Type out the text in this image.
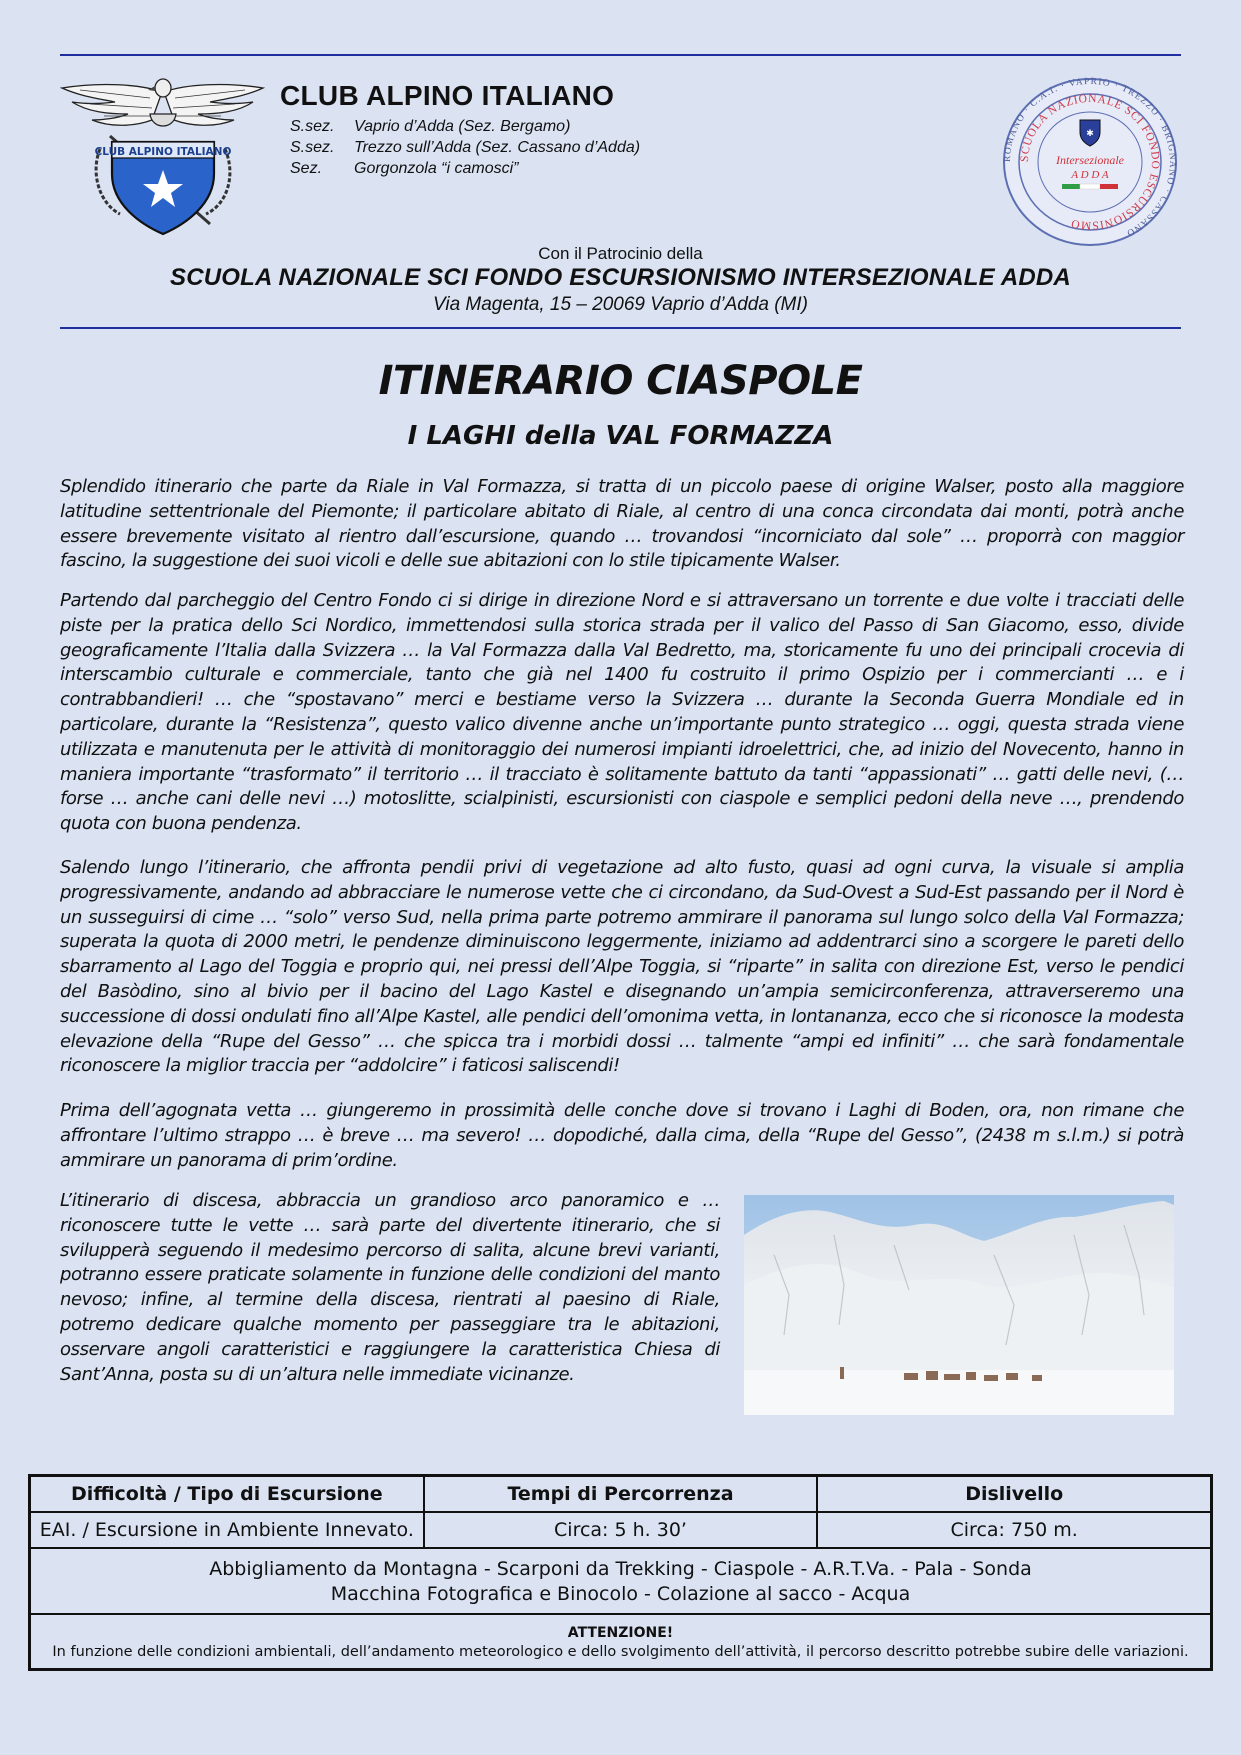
CLUB ALPINO ITALIANO
CLUB ALPINO ITALIANO
S.sez.	Vaprio d’Adda (Sez. Bergamo)
S.sez.	Trezzo sull’Adda (Sez. Cassano d’Adda)
Sez.	Gorgonzola “i camosci”
ROMANO · C.A.I. · VAPRIO · TREZZO · BRIGNANO · CASSANO
SCUOLA NAZIONALE SCI FONDO ESCURSIONISMO
✱
Intersezionale
A D D A
Con il Patrocinio della
SCUOLA NAZIONALE SCI FONDO ESCURSIONISMO INTERSEZIONALE ADDA
Via Magenta, 15 – 20069 Vaprio d’Adda (MI)
ITINERARIO CIASPOLE
I LAGHI della VAL FORMAZZA

Splendido itinerario che parte da Riale in Val Formazza, si tratta di un piccolo paese di origine Walser, posto alla maggiore latitudine settentrionale del Piemonte; il particolare abitato di Riale, al centro di una conca circondata dai monti, potrà anche essere brevemente visitato al rientro dall’escursione, quando … trovandosi “incorniciato dal sole” … proporrà con maggior fascino, la suggestione dei suoi vicoli e delle sue abitazioni con lo stile tipicamente Walser.

Partendo dal parcheggio del Centro Fondo ci si dirige in direzione Nord e si attraversano un torrente e due volte i tracciati delle piste per la pratica dello Sci Nordico, immettendosi sulla storica strada per il valico del Passo di San Giacomo, esso, divide geograficamente l’Italia dalla Svizzera … la Val Formazza dalla Val Bedretto, ma, storicamente fu uno dei principali crocevia di interscambio culturale e commerciale, tanto che già nel 1400 fu costruito il primo Ospizio per i commercianti … e i contrabbandieri! … che “spostavano” merci e bestiame verso la Svizzera … durante la Seconda Guerra Mondiale ed in particolare, durante la “Resistenza”, questo valico divenne anche un’importante punto strategico … oggi, questa strada viene utilizzata e manutenuta per le attività di monitoraggio dei numerosi impianti idroelettrici, che, ad inizio del Novecento, hanno in maniera importante “trasformato” il territorio … il tracciato è solitamente battuto da tanti “appassionati” … gatti delle nevi, (… forse … anche cani delle nevi …) motoslitte, scialpinisti, escursionisti con ciaspole e semplici pedoni della neve …, prendendo quota con buona pendenza.

Salendo lungo l’itinerario, che affronta pendii privi di vegetazione ad alto fusto, quasi ad ogni curva, la visuale si amplia progressivamente, andando ad abbracciare le numerose vette che ci circondano, da Sud-Ovest a Sud-Est passando per il Nord è un susseguirsi di cime … “solo” verso Sud, nella prima parte potremo ammirare il panorama sul lungo solco della Val Formazza; superata la quota di 2000 metri, le pendenze diminuiscono leggermente, iniziamo ad addentrarci sino a scorgere le pareti dello sbarramento al Lago del Toggia e proprio qui, nei pressi dell’Alpe Toggia, si “riparte” in salita con direzione Est, verso le pendici del Basòdino, sino al bivio per il bacino del Lago Kastel e disegnando un’ampia semicirconferenza, attraverseremo una successione di dossi ondulati fino all’Alpe Kastel, alle pendici dell’omonima vetta, in lontananza, ecco che si riconosce la modesta elevazione della “Rupe del Gesso” … che spicca tra i morbidi dossi … talmente “ampi ed infiniti” … che sarà fondamentale riconoscere la miglior traccia per “addolcire” i faticosi saliscendi!

Prima dell’agognata vetta … giungeremo in prossimità delle conche dove si trovano i Laghi di Boden, ora, non rimane che affrontare l’ultimo strappo … è breve … ma severo! … dopodiché, dalla cima, della “Rupe del Gesso”, (2438 m s.l.m.) si potrà ammirare un panorama di prim’ordine.

L’itinerario di discesa, abbraccia un grandioso arco panoramico e … riconoscere tutte le vette … sarà parte del divertente itinerario, che si svilupperà seguendo il medesimo percorso di salita, alcune brevi varianti, potranno essere praticate solamente in funzione delle condizioni del manto nevoso; infine, al termine della discesa, rientrati al paesino di Riale, potremo dedicare qualche momento per passeggiare tra le abitazioni, osservare angoli caratteristici e raggiungere la caratteristica Chiesa di Sant’Anna, posta su di un’altura nelle immediate vicinanze.

Difficoltà / Tipo di Escursione	Tempi di Percorrenza	Dislivello
EAI. / Escursione in Ambiente Innevato.	Circa: 5 h. 30’	Circa: 750 m.
Abbigliamento da Montagna - Scarponi da Trekking - Ciaspole - A.R.T.Va. - Pala - Sonda
Macchina Fotografica e Binocolo - Colazione al sacco - Acqua
ATTENZIONE!
In funzione delle condizioni ambientali, dell’andamento meteorologico e dello svolgimento dell’attività, il percorso descritto potrebbe subire delle variazioni.
